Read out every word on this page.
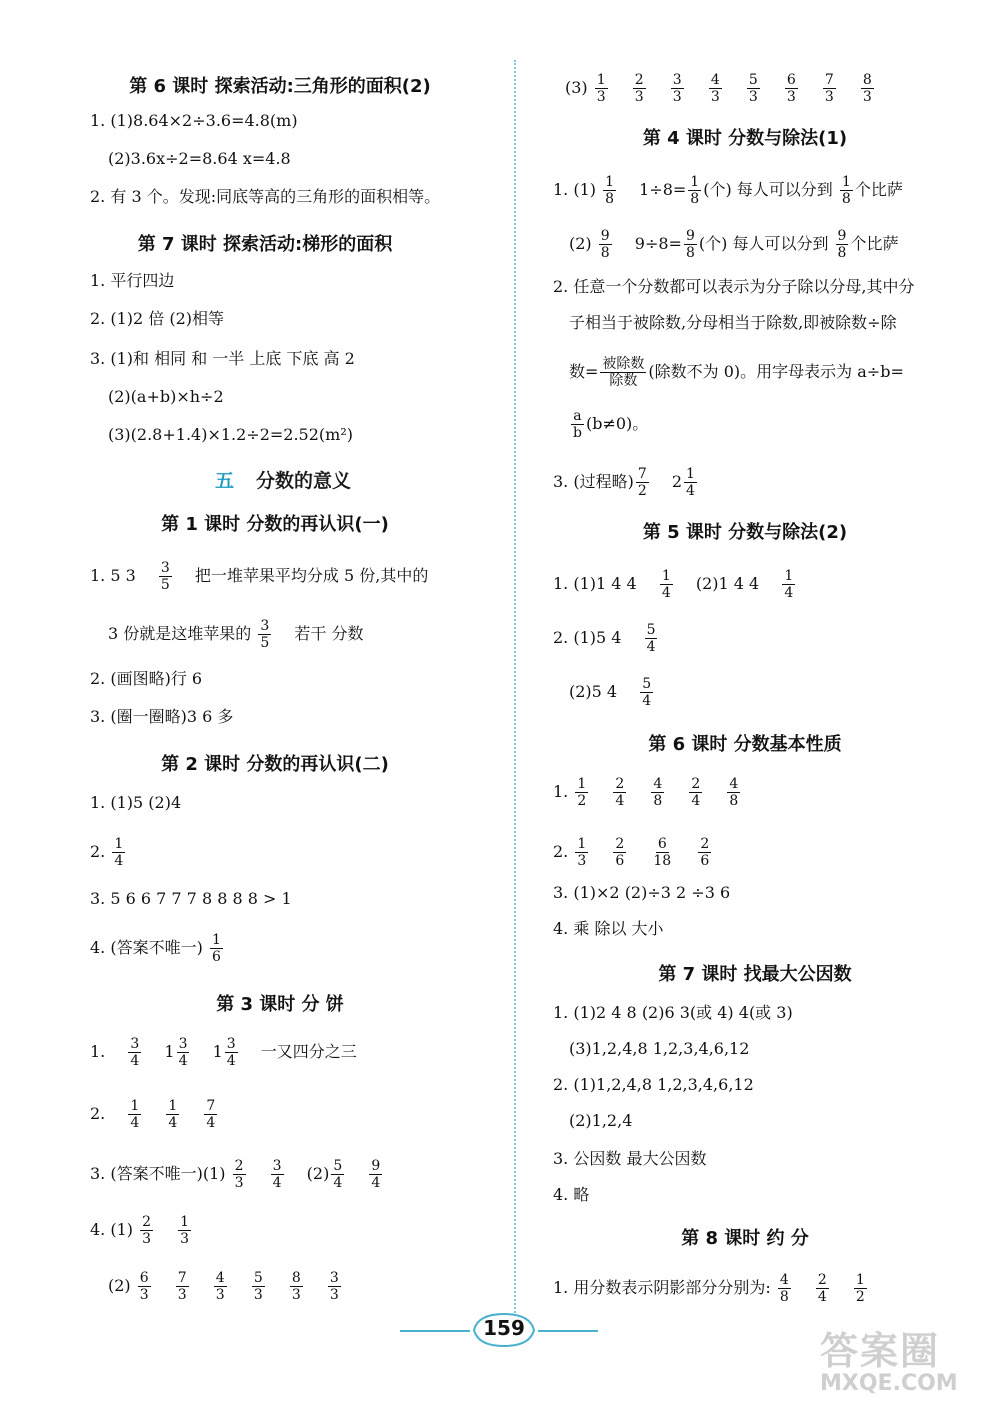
第 6 课时 探索活动:三角形的面积(2)
1. (1)8.64×2÷3.6=4.8(m)
(2)3.6x÷2=8.64 x=4.8
2. 有 3 个。发现:同底等高的三角形的面积相等。
第 7 课时 探索活动:梯形的面积
1. 平行四边
2. (1)2 倍 (2)相等
3. (1)和 相同 和 一半 上底 下底 高 2
(2)(a+b)×h÷2
(3)(2.8+1.4)×1.2÷2=2.52(m²)
五 分数的意义
第 1 课时 分数的再认识(一)
1. 5 $3 \frac{3}{5}$ 把一堆苹果平均分成 5 份,其中的
3 份就是这堆苹果的 $\frac{3}{5}$ 若干 分数
2. (画图略)行 6
3. (圈一圈略)3 6 多
第 2 课时 分数的再认识(二)
1. (1)5 (2)4
2. $\frac{1}{4}$
3. 5 6 6 7 7 7 8 8 8 8 > 1
4. (答案不唯一) $\frac{1}{6}$
第 3 课时 分 饼
1. $\frac{3}{4} 1 \frac{3}{4} 1 \frac{3}{4}$ 一又四分之三
2. $\frac{1}{4}$
$\frac{1}{4}$
$\frac{7}{4}$
3. (答案不唯一)$(1) \frac{2}{3}$
$\frac{3}{4} (2) \frac{5}{4}$
$\frac{9}{4}$
4. $(1) \frac{2}{3}$
$\frac{1}{3}$
$(2) \frac{6}{3}$
$\frac{7}{3}$
$\frac{4}{3}$
$\frac{5}{3}$
$\frac{8}{3}$
$\frac{3}{3}$
$(3) \frac{1}{3}$
$\frac{2}{3}$
$\frac{3}{3}$
$\frac{4}{3}$
$\frac{5}{3}$
$\frac{6}{3}$
$\frac{7}{3}$
$\frac{8}{3}$
第 4 课时 分数与除法(1)
1. $(1) \frac{1}{8} 1\div 8= \frac{1}{8}$ (个) 每人可以分到 $\frac{1}{8}$ 个比萨
$(2) \frac{9}{8} 9\div 8= \frac{9}{8}$ (个) 每人可以分到 $\frac{9}{8}$ 个比萨
2. 任意一个分数都可以表示为分子除以分母,其中分
子相当于被除数,分母相当于除数,即被除数÷除
数= 被除数
除数 (除数不为 0)。用字母表示为 a÷b=
$\frac{a}{b} (b\ne 0)$。
3. (过程略) $\frac{7}{2} 2 \frac{1}{4}$
第 5 课时 分数与除法(2)
1. (1)1 4 $4 \frac{1}{4} (2)1$ 4 $4 \frac{1}{4}$
2. (1)5 $4 \frac{5}{4}$
(2)5 $4 \frac{5}{4}$
第 6 课时 分数基本性质
1. $\frac{1}{2}$
$\frac{2}{4}$
$\frac{4}{8}$
$\frac{2}{4}$
$\frac{4}{8}$
2. $\frac{1}{3}$
$\frac{2}{6}$
$\frac{6}{18}$
$\frac{2}{6}$
3. (1)×2 (2)÷3 2 ÷3 6
4. 乘 除以 大小
第 7 课时 找最大公因数
1. (1)2 4 8 (2)6 3(或 4) 4(或 3)
(3)1,2,4,8 1,2,3,4,6,12
2. (1)1,2,4,8 1,2,3,4,6,12
(2)1,2,4
3. 公因数 最大公因数
4. 略
第 8 课时 约 分
1. 用分数表示阴影部分分别为: $\frac{4}{8}$
$\frac{2}{4}$
$\frac{1}{2}$
159
答案圈
MXQE.COM
